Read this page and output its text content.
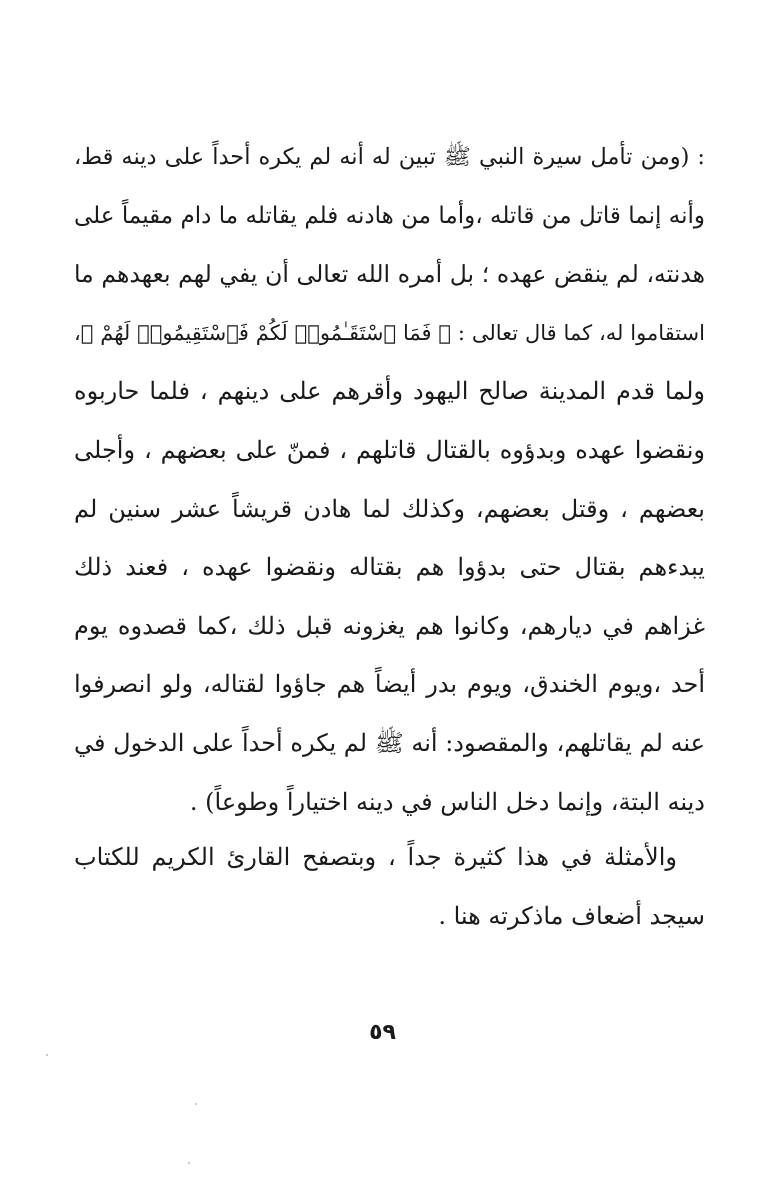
: (ومن تأمل سيرة النبي ﷺ تبين له أنه لم يكره أحداً على دينه قط،
وأنه إنما قاتل من قاتله ،وأما من هادنه فلم يقاتله ما دام مقيماً على
هدنته، لم ينقض عهده ؛ بل أمره الله تعالى أن يفي لهم بعهدهم ما
استقاموا له، كما قال تعالى : ﴿ فَمَا ٱسْتَقَـٰمُوا۟ لَكُمْ فَٱسْتَقِيمُوا۟ لَهُمْ ﴾،
ولما قدم المدينة صالح اليهود وأقرهم على دينهم ، فلما حاربوه
ونقضوا عهده وبدؤوه بالقتال قاتلهم ، فمنّ على بعضهم ، وأجلى
بعضهم ، وقتل بعضهم، وكذلك لما هادن قريشاً عشر سنين لم
يبدءهم بقتال حتى بدؤوا هم بقتاله ونقضوا عهده ، فعند ذلك
غزاهم في ديارهم، وكانوا هم يغزونه قبل ذلك ،كما قصدوه يوم
أحد ،ويوم الخندق، ويوم بدر أيضاً هم جاؤوا لقتاله، ولو انصرفوا
عنه لم يقاتلهم، والمقصود: أنه ﷺ لم يكره أحداً على الدخول في
دينه البتة، وإنما دخل الناس في دينه اختياراً وطوعاً) .
والأمثلة في هذا كثيرة جداً ، وبتصفح القارئ الكريم للكتاب
سيجد أضعاف ماذكرته هنا .
٥٩
